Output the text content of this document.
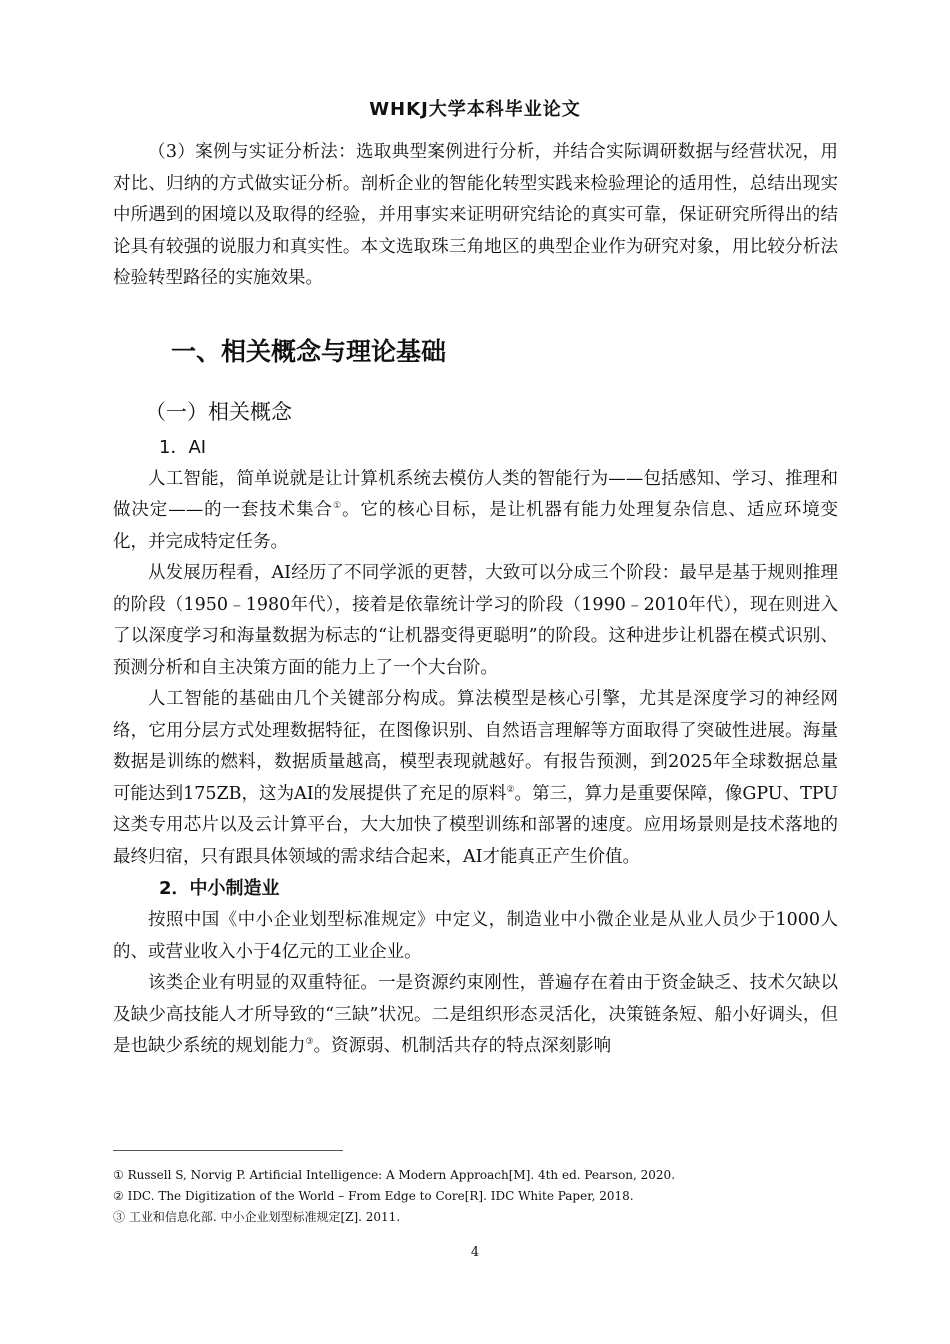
WHKJ大学本科毕业论文

（3）案例与实证分析法：选取典型案例进行分析，并结合实际调研数据与经营状况，用对比、归纳的方式做实证分析。剖析企业的智能化转型实践来检验理论的适用性，总结出现实中所遇到的困境以及取得的经验，并用事实来证明研究结论的真实可靠，保证研究所得出的结论具有较强的说服力和真实性。本文选取珠三角地区的典型企业作为研究对象，用比较分析法检验转型路径的实施效果。

一、相关概念与理论基础
（一）相关概念
1．AI

人工智能，简单说就是让计算机系统去模仿人类的智能行为——包括感知、学习、推理和做决定——的一套技术集合①。它的核心目标，是让机器有能力处理复杂信息、适应环境变化，并完成特定任务。

从发展历程看，AI经历了不同学派的更替，大致可以分成三个阶段：最早是基于规则推理的阶段（1950﹣1980年代），接着是依靠统计学习的阶段（1990﹣2010年代），现在则进入了以深度学习和海量数据为标志的“让机器变得更聪明”的阶段。这种进步让机器在模式识别、预测分析和自主决策方面的能力上了一个大台阶。

人工智能的基础由几个关键部分构成。算法模型是核心引擎，尤其是深度学习的神经网络，它用分层方式处理数据特征，在图像识别、自然语言理解等方面取得了突破性进展。海量数据是训练的燃料，数据质量越高，模型表现就越好。有报告预测，到2025年全球数据总量可能达到175ZB，这为AI的发展提供了充足的原料②。第三，算力是重要保障，像GPU、TPU这类专用芯片以及云计算平台，大大加快了模型训练和部署的速度。应用场景则是技术落地的最终归宿，只有跟具体领域的需求结合起来，AI才能真正产生价值。

2．中小制造业

按照中国《中小企业划型标准规定》中定义，制造业中小微企业是从业人员少于1000人的、或营业收入小于4亿元的工业企业。

该类企业有明显的双重特征。一是资源约束刚性，普遍存在着由于资金缺乏、技术欠缺以及缺少高技能人才所导致的“三缺”状况。二是组织形态灵活化，决策链条短、船小好调头，但是也缺少系统的规划能力③。资源弱、机制活共存的特点深刻影响

① Russell S, Norvig P. Artificial Intelligence: A Modern Approach[M]. 4th ed. Pearson, 2020.

② IDC. The Digitization of the World – From Edge to Core[R]. IDC White Paper, 2018.

③ 工业和信息化部. 中小企业划型标准规定[Z]. 2011.

4
